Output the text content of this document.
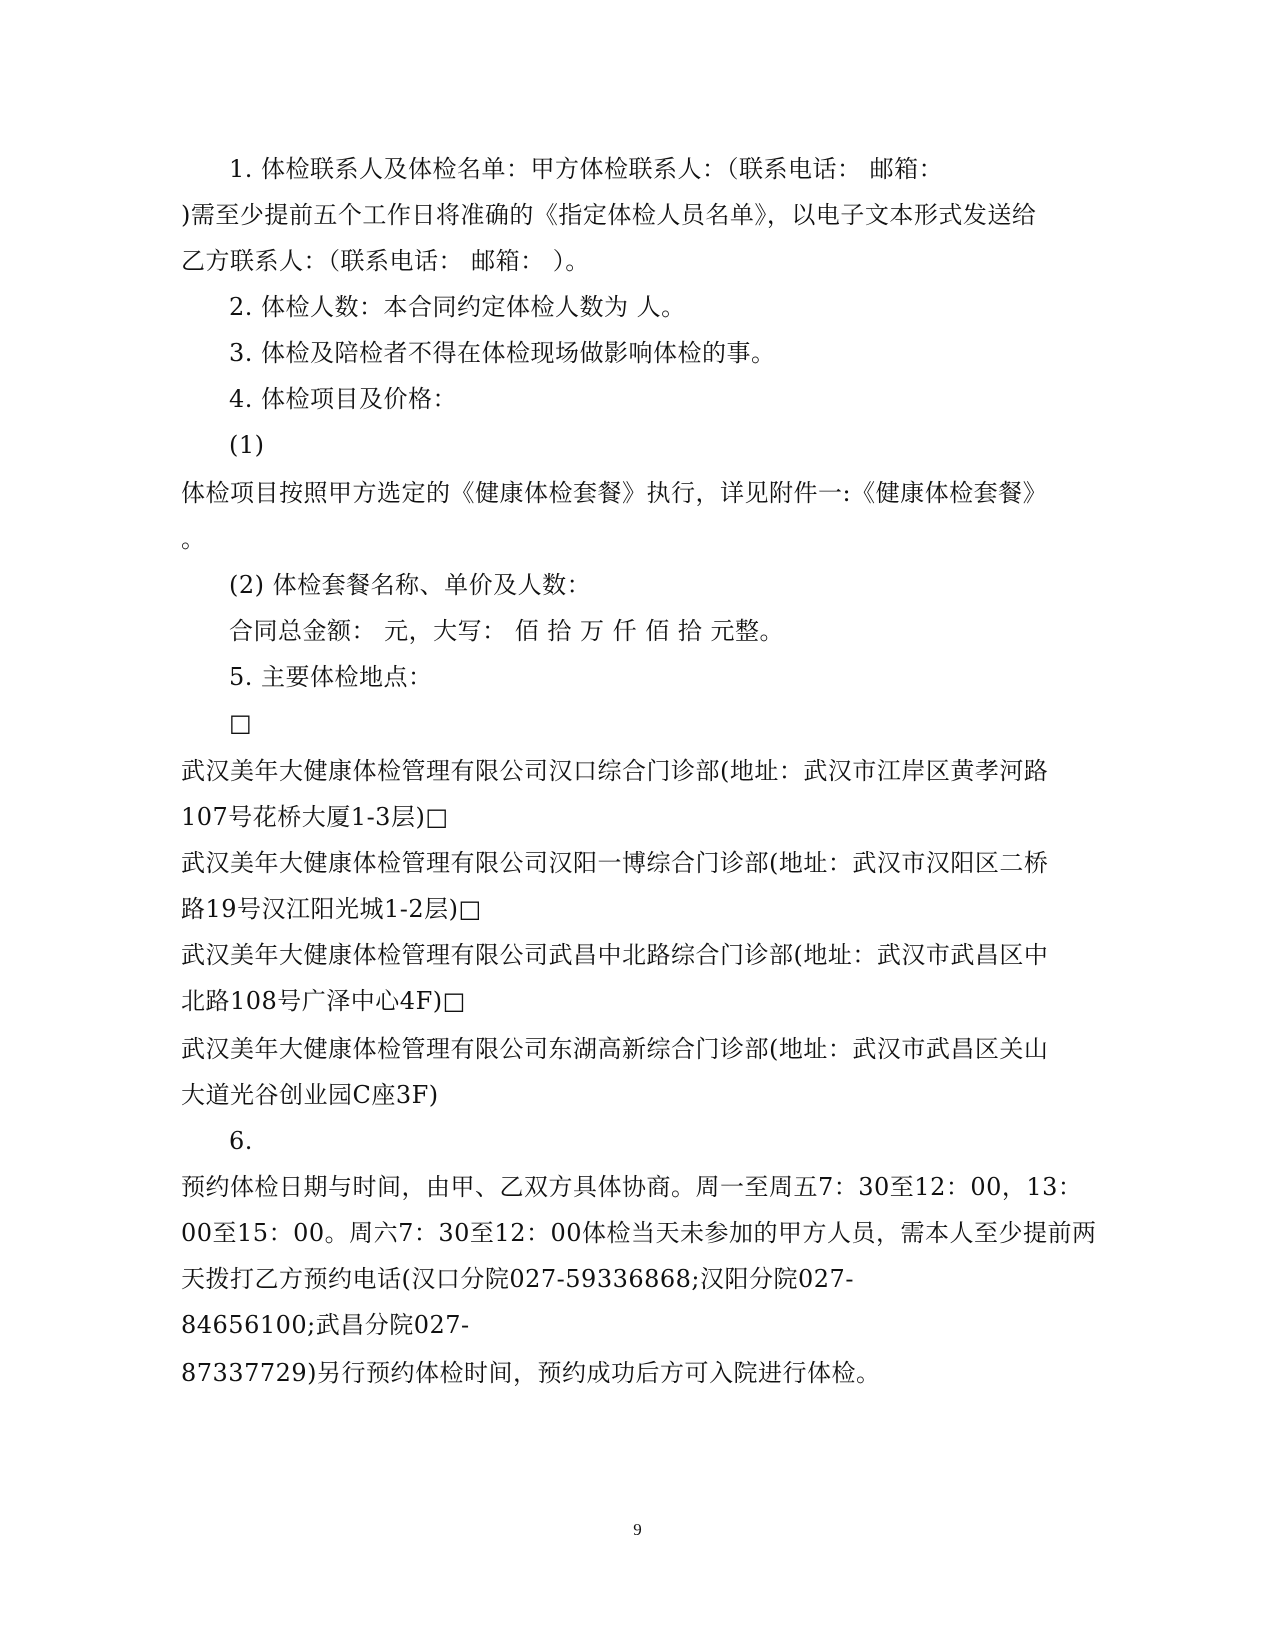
1. 体检联系人及体检名单：甲方体检联系人：（联系电话： 邮箱：
)需至少提前五个工作日将准确的《指定体检人员名单》，以电子文本形式发送给
乙方联系人：（联系电话： 邮箱： ）。
2. 体检人数：本合同约定体检人数为 人。
3. 体检及陪检者不得在体检现场做影响体检的事。
4. 体检项目及价格：
(1)
体检项目按照甲方选定的《健康体检套餐》执行，详见附件一:《健康体检套餐》
。
(2) 体检套餐名称、单价及人数：
合同总金额： 元，大写： 佰 拾 万 仟 佰 拾 元整。
5. 主要体检地点：
□
武汉美年大健康体检管理有限公司汉口综合门诊部(地址：武汉市江岸区黄孝河路
107号花桥大厦1-3层)□
武汉美年大健康体检管理有限公司汉阳一博综合门诊部(地址：武汉市汉阳区二桥
路19号汉江阳光城1-2层)□
武汉美年大健康体检管理有限公司武昌中北路综合门诊部(地址：武汉市武昌区中
北路108号广泽中心4F)□
武汉美年大健康体检管理有限公司东湖高新综合门诊部(地址：武汉市武昌区关山
大道光谷创业园C座3F)
6.
预约体检日期与时间，由甲、乙双方具体协商。周一至周五7：30至12：00，13：
00至15：00。周六7：30至12：00体检当天未参加的甲方人员，需本人至少提前两
天拨打乙方预约电话(汉口分院027-59336868;汉阳分院027-
84656100;武昌分院027-
87337729)另行预约体检时间，预约成功后方可入院进行体检。
9
